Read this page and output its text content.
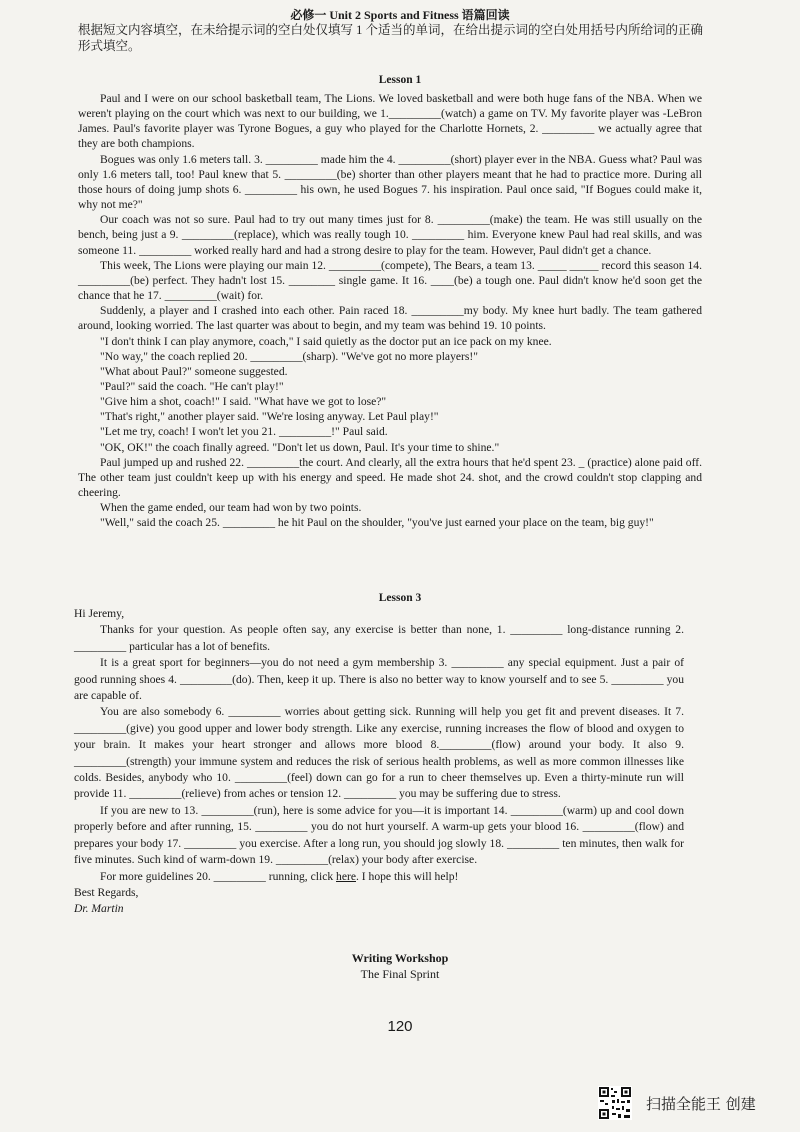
必修一 Unit 2 Sports and Fitness 语篇回读
根据短文内容填空，在未给提示词的空白处仅填写 1 个适当的单词，在给出提示词的空白处用括号内所给词的正确形式填空。
Lesson 1

Paul and I were on our school basketball team, The Lions. We loved basketball and were both huge fans of the NBA. When we weren't playing on the court which was next to our building, we 1._________(watch) a game on TV. My favorite player was -LeBron James. Paul's favorite player was Tyrone Bogues, a guy who played for the Charlotte Hornets, 2. _________ we actually agree that they are both champions.

Bogues was only 1.6 meters tall. 3. _________ made him the 4. _________(short) player ever in the NBA. Guess what? Paul was only 1.6 meters tall, too! Paul knew that 5. _________(be) shorter than other players meant that he had to practice more. During all those hours of doing jump shots 6. _________ his own, he used Bogues 7. his inspiration. Paul once said, "If Bogues could make it, why not me?"

Our coach was not so sure. Paul had to try out many times just for 8. _________(make) the team. He was still usually on the bench, being just a 9. _________(replace), which was really tough 10. _________ him. Everyone knew Paul had real skills, and was someone 11. _________ worked really hard and had a strong desire to play for the team. However, Paul didn't get a chance.

This week, The Lions were playing our main 12. _________(compete), The Bears, a team 13. _____ _____ record this season 14. _________(be) perfect. They hadn't lost 15. ________ single game. It 16. ____(be) a tough one. Paul didn't know he'd soon get the chance that he 17. _________(wait) for.

Suddenly, a player and I crashed into each other. Pain raced 18. _________my body. My knee hurt badly. The team gathered around, looking worried. The last quarter was about to begin, and my team was behind 19. 10 points.

"I don't think I can play anymore, coach," I said quietly as the doctor put an ice pack on my knee.

"No way," the coach replied 20. _________(sharp). "We've got no more players!"

"What about Paul?" someone suggested.

"Paul?" said the coach. "He can't play!"

"Give him a shot, coach!" I said. "What have we got to lose?"

"That's right," another player said. "We're losing anyway. Let Paul play!"

"Let me try, coach! I won't let you 21. _________!" Paul said.

"OK, OK!" the coach finally agreed. "Don't let us down, Paul. It's your time to shine."

Paul jumped up and rushed 22. _________the court. And clearly, all the extra hours that he'd spent 23. _ (practice) alone paid off. The other team just couldn't keep up with his energy and speed. He made shot 24. shot, and the crowd couldn't stop clapping and cheering.

When the game ended, our team had won by two points.

"Well," said the coach 25. _________ he hit Paul on the shoulder, "you've just earned your place on the team, big guy!"

Lesson 3

Hi Jeremy,

Thanks for your question. As people often say, any exercise is better than none, 1. _________ long-distance running 2. _________ particular has a lot of benefits.

It is a great sport for beginners—you do not need a gym membership 3. _________ any special equipment. Just a pair of good running shoes 4. _________(do). Then, keep it up. There is also no better way to know yourself and to see 5. _________ you are capable of.

You are also somebody 6. _________ worries about getting sick. Running will help you get fit and prevent diseases. It 7. _________(give) you good upper and lower body strength. Like any exercise, running increases the flow of blood and oxygen to your brain. It makes your heart stronger and allows more blood 8._________(flow) around your body. It also 9. _________(strength) your immune system and reduces the risk of serious health problems, as well as more common illnesses like colds. Besides, anybody who 10. _________(feel) down can go for a run to cheer themselves up. Even a thirty-minute run will provide 11. _________(relieve) from aches or tension 12. _________ you may be suffering due to stress.

If you are new to 13. _________(run), here is some advice for you—it is important 14. _________(warm) up and cool down properly before and after running, 15. _________ you do not hurt yourself. A warm-up gets your blood 16. _________(flow) and prepares your body 17. _________ you exercise. After a long run, you should jog slowly 18. _________ ten minutes, then walk for five minutes. Such kind of warm-down 19. _________(relax) your body after exercise.

For more guidelines 20. _________ running, click here. I hope this will help!

Best Regards,

Dr. Martin

Writing Workshop
The Final Sprint
120
扫描全能王 创建
